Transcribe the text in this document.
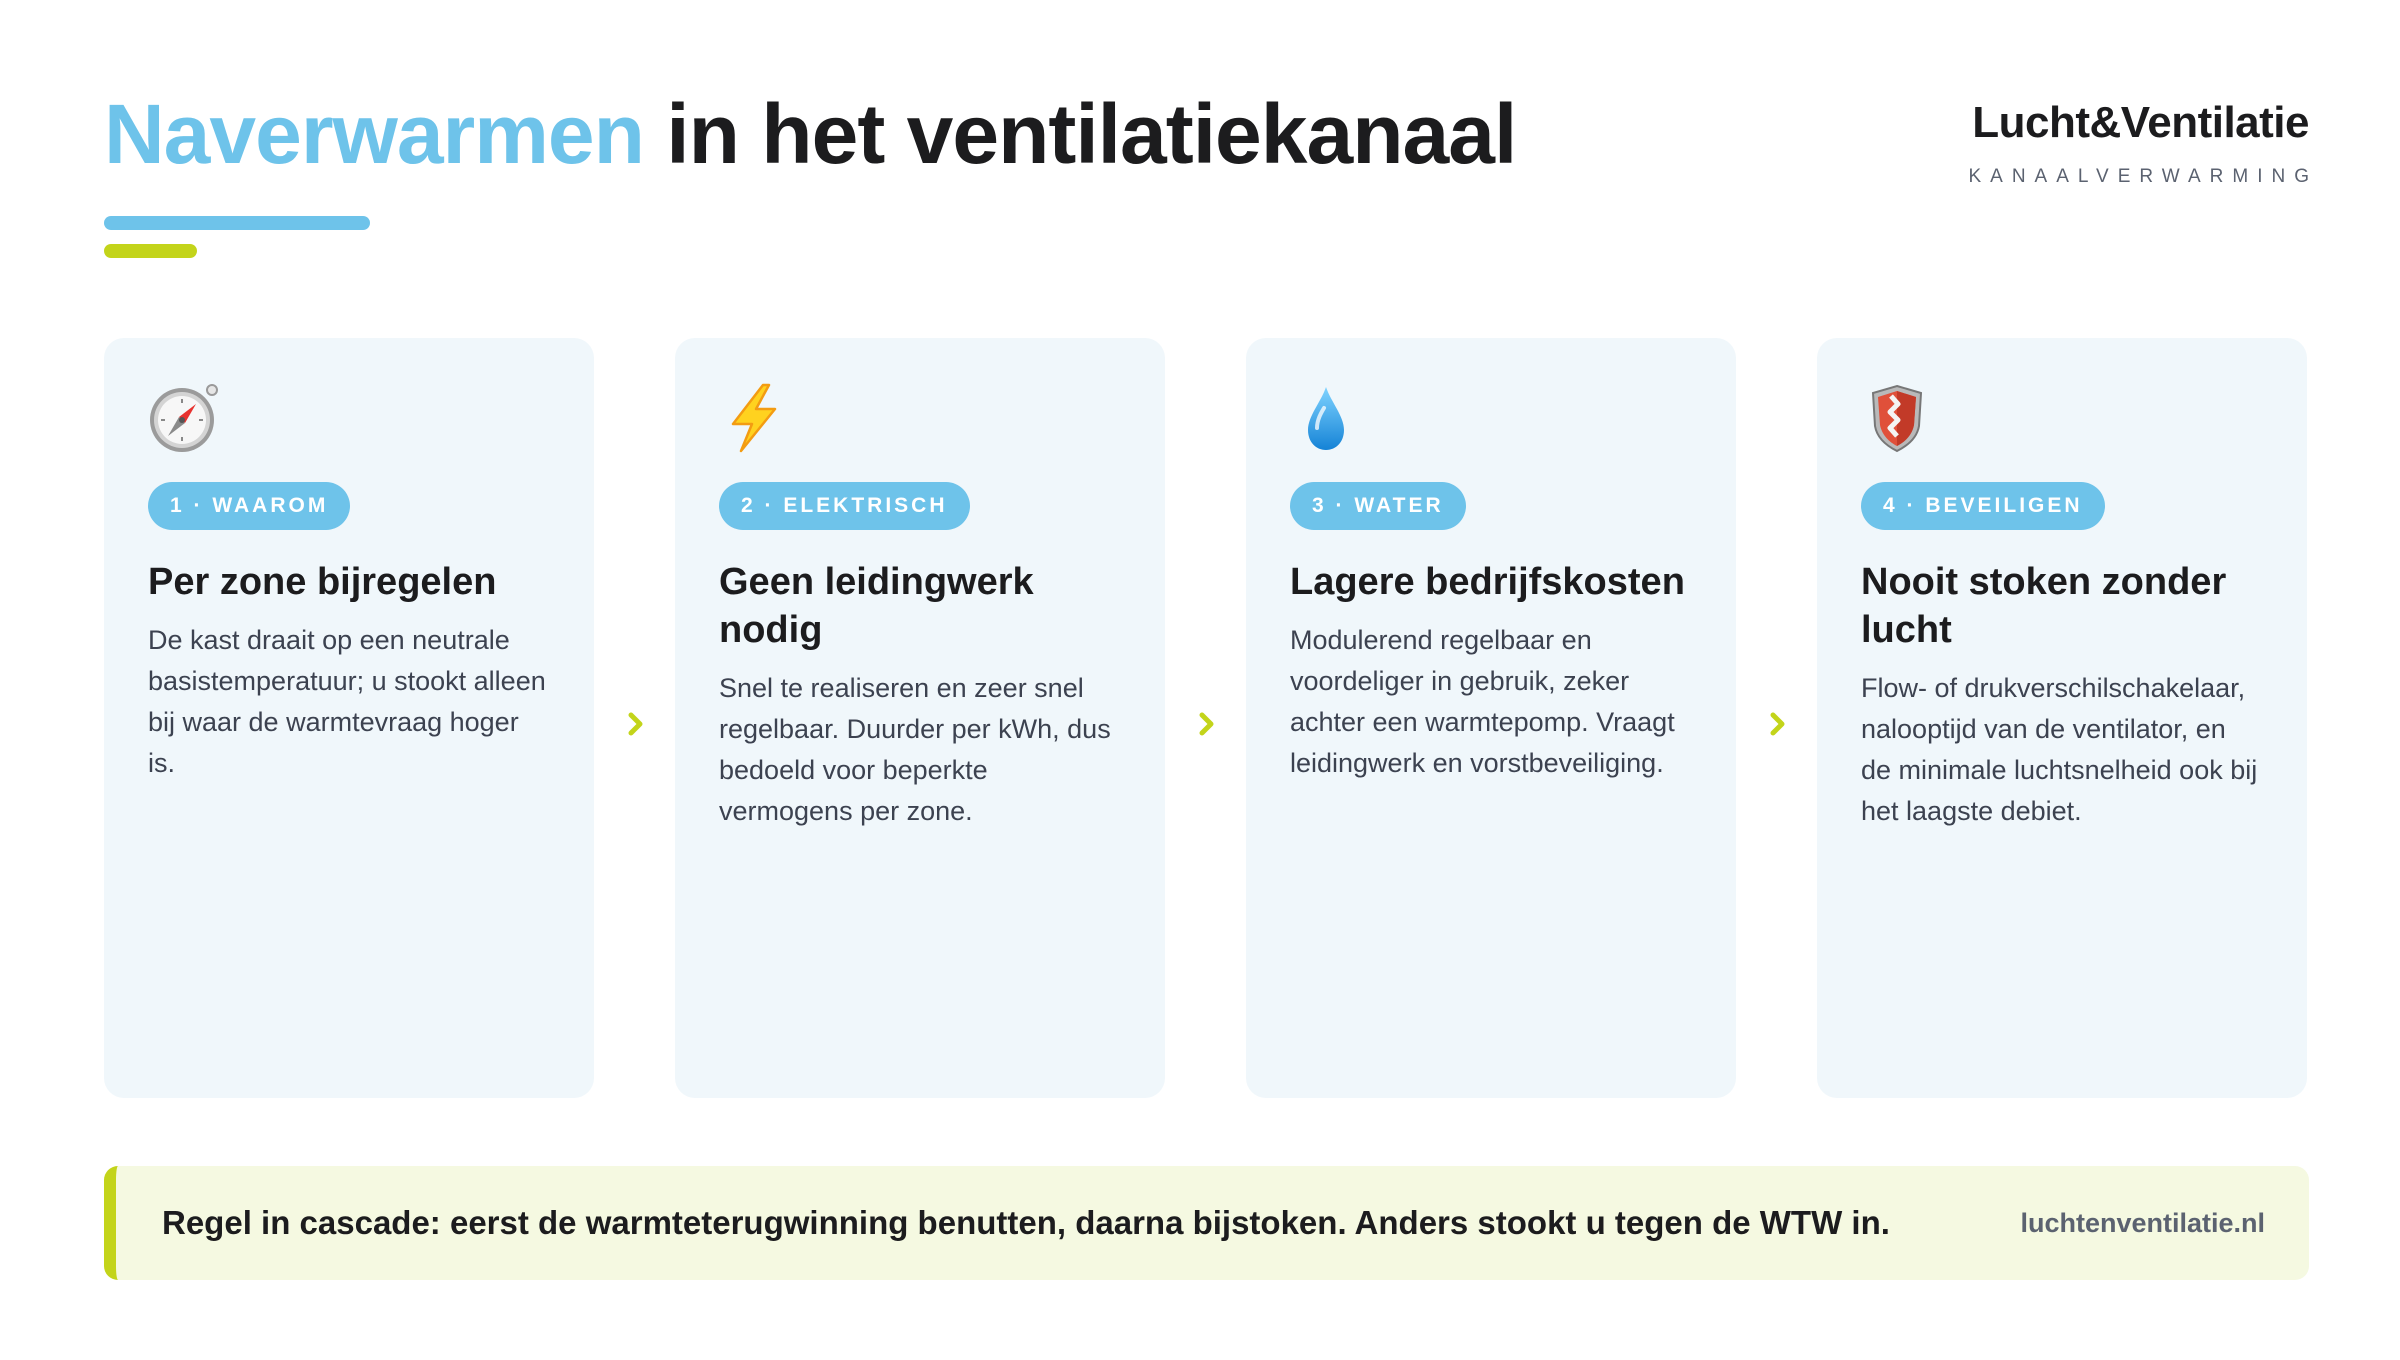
Naverwarmen in het ventilatiekanaal	Lucht&Ventilatie
KANAALVERWARMING
1 · WAAROM
Per zone bijregelen

De kast draait op een neutrale basistemperatuur; u stookt alleen bij waar de warmtevraag hoger is.

2 · ELEKTRISCH
Geen leidingwerk nodig

Snel te realiseren en zeer snel regelbaar. Duurder per kWh, dus bedoeld voor beperkte vermogens per zone.

3 · WATER
Lagere bedrijfskosten

Modulerend regelbaar en voordeliger in gebruik, zeker achter een warmtepomp. Vraagt leidingwerk en vorstbeveiliging.

4 · BEVEILIGEN
Nooit stoken zonder lucht

Flow- of drukverschilschakelaar, nalooptijd van de ventilator, en de minimale luchtsnelheid ook bij het laagste debiet.

Regel in cascade: eerst de warmteterugwinning benutten, daarna bijstoken. Anders stookt u tegen de WTW in.	luchtenventilatie.nl
